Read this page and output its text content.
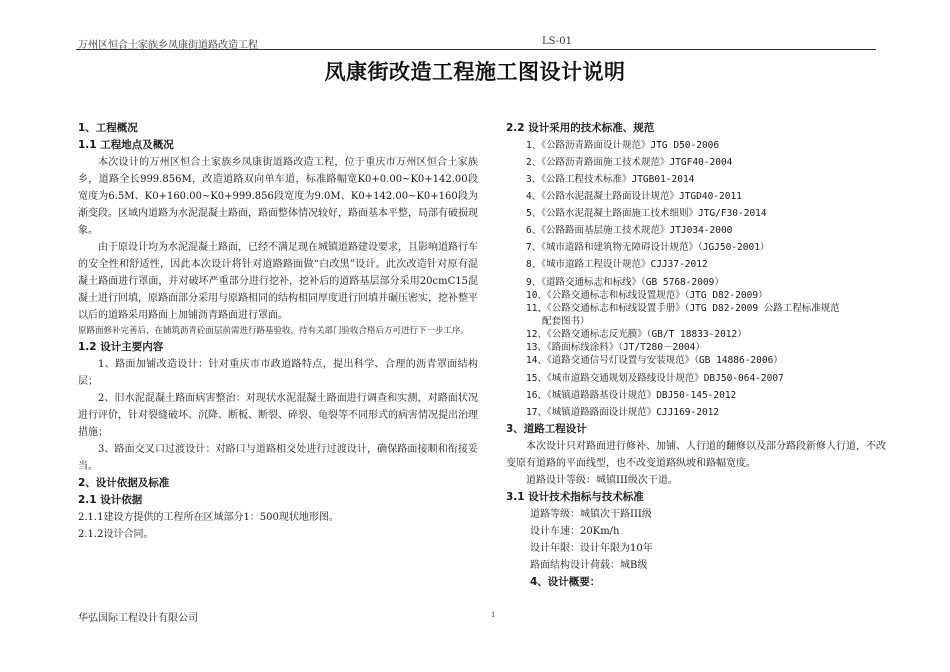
万州区恒合土家族乡凤康街道路改造工程	LS-01
凤康街改造工程施工图设计说明
1、工程概况
1.1 工程地点及概况
本次设计的万州区恒合土家族乡凤康街道路改造工程，位于重庆市万州区恒合土家族乡，道路全长999.856M，改造道路双向单车道，标准路幅宽K0+0.00~K0+142.00段宽度为6.5M、K0+160.00~K0+999.856段宽度为9.0M、K0+142.00~K0+160段为渐变段。区域内道路为水泥混凝土路面，路面整体情况较好，路面基本平整，局部有破损现象。
由于原设计均为水泥混凝土路面，已经不满足现在城镇道路建设要求，且影响道路行车的安全性和舒适性，因此本次设计将针对道路路面做“白改黑”设计。此次改造针对原有混凝土路面进行罩面，并对破坏严重部分进行挖补，挖补后的道路基层部分采用20cmC15混凝土进行回填，原路面部分采用与原路相同的结构相同厚度进行回填并碾压密实，挖补整平以后的道路采用路面上加铺沥青路面进行罩面。
原路面修补完善后，在铺筑沥青砼面层前需进行路基验收，待有关部门验收合格后方可进行下一步工序。
1.2 设计主要内容
1、路面加铺改造设计：针对重庆市市政道路特点，提出科学、合理的沥青罩面结构层；
2、旧水泥混凝土路面病害整治：对现状水泥混凝土路面进行调查和实测，对路面状况进行评价，针对裂缝破坏、沉降、断板、断裂、碎裂、龟裂等不同形式的病害情况提出治理措施；
3、路面交叉口过渡设计：对路口与道路相交处进行过渡设计，确保路面接顺和衔接妥当。
2、设计依据及标准
2.1 设计依据
2.1.1建设方提供的工程所在区域部分1：500现状地形图。
2.1.2设计合同。
2.2 设计采用的技术标准、规范
1、《公路沥青路面设计规范》JTG D50-2006
2、《公路沥青路面施工技术规范》JTGF40-2004
3、《公路工程技术标准》JTGB01-2014
4、《公路水泥混凝土路面设计规范》JTGD40-2011
5、《公路水泥混凝土路面施工技术细则》JTG/F30-2014
6、《公路路面基层施工技术规范》JTJ034-2000
7、《城市道路和建筑物无障碍设计规范》（JGJ50-2001）
8、《城市道路工程设计规范》CJJ37-2012
9、《道路交通标志和标线》（GB 5768-2009）
10、《公路交通标志和标线设置规范》（JTG D82-2009）
11、《公路交通标志和标线设置手册》（JTG D82-2009 公路工程标准规范
配套图书）
12、《公路交通标志反光膜》（GB/T 18833-2012）
13、《路面标线涂料》（JT/T280－2004）
14、《道路交通信号灯设置与安装规范》（GB 14886-2006）
15、《城市道路交通规划及路线设计规范》DBJ50-064-2007
16、《城镇道路路基设计规范》DBJ50-145-2012
17、《城镇道路路面设计规范》CJJ169-2012
3、道路工程设计
本次设计只对路面进行修补、加铺、人行道的翻修以及部分路段新修人行道，不改变原有道路的平面线型，也不改变道路纵坡和路幅宽度。
道路设计等级：城镇III级次干道。
3.1 设计技术指标与技术标准
道路等级：城镇次干路III级
设计车速：20Km/h
设计年限：设计年限为10年
路面结构设计荷载：城B级
4、设计概要：
华弘国际工程设计有限公司	1
